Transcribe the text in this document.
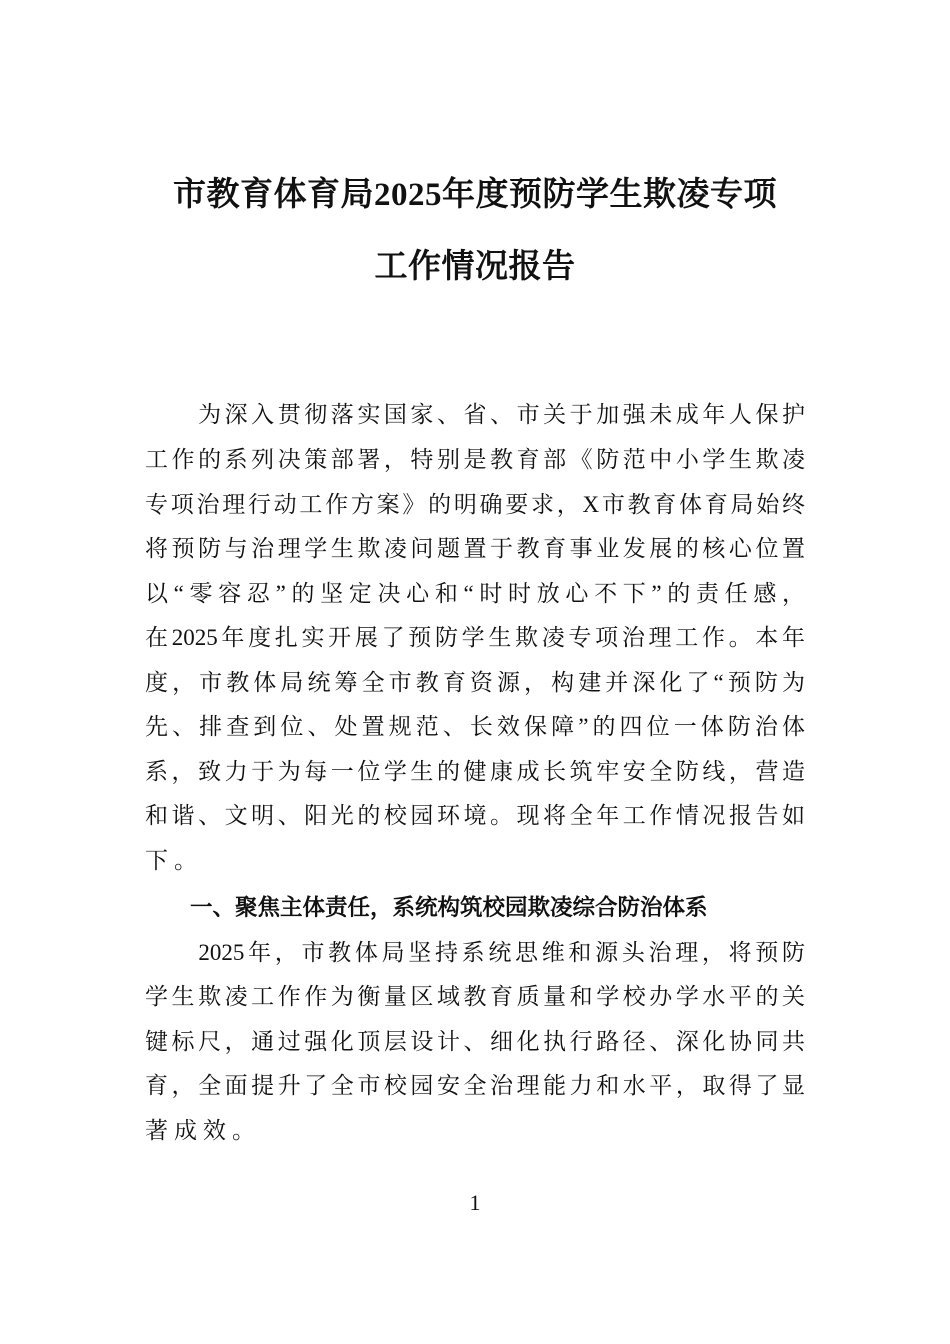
市教育体育局2025年度预防学生欺凌专项
工作情况报告
　　为深入贯彻落实国家、省、市关于加强未成年人保护
工作的系列决策部署，特别是教育部《防范中小学生欺凌
专项治理行动工作方案》的明确要求，X市教育体育局始终
将预防与治理学生欺凌问题置于教育事业发展的核心位置
以“零容忍”的坚定决心和“时时放心不下”的责任感，
在2025年度扎实开展了预防学生欺凌专项治理工作。本年
度，市教体局统筹全市教育资源，构建并深化了“预防为
先、排查到位、处置规范、长效保障”的四位一体防治体
系，致力于为每一位学生的健康成长筑牢安全防线，营造
和谐、文明、阳光的校园环境。现将全年工作情况报告如
下。
　　一、聚焦主体责任，系统构筑校园欺凌综合防治体系
　　2025年，市教体局坚持系统思维和源头治理，将预防
学生欺凌工作作为衡量区域教育质量和学校办学水平的关
键标尺，通过强化顶层设计、细化执行路径、深化协同共
育，全面提升了全市校园安全治理能力和水平，取得了显
著成效。
1
